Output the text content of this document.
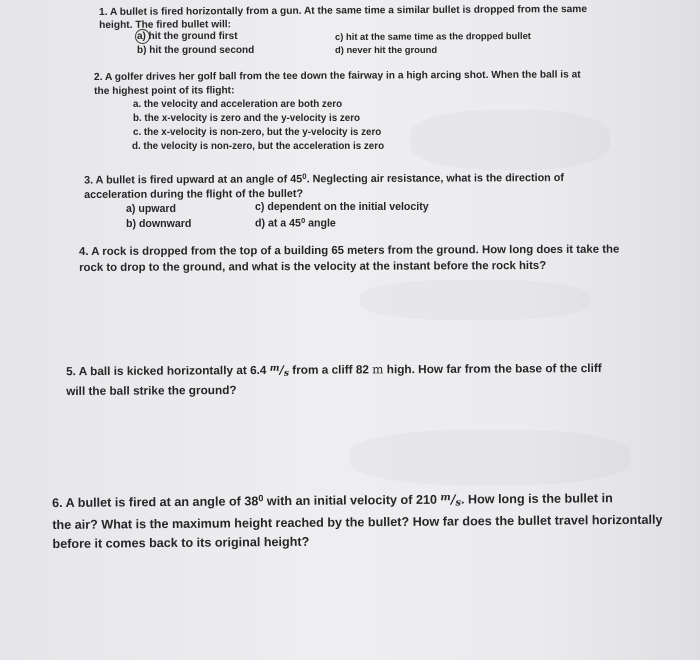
1. A bullet is fired horizontally from a gun. At the same time a similar bullet is dropped from the same
height. The fired bullet will:
a) hit the ground first
b) hit the ground second
c) hit at the same time as the dropped bullet
d) never hit the ground
2. A golfer drives her golf ball from the tee down the fairway in a high arcing shot. When the ball is at
the highest point of its flight:
a. the velocity and acceleration are both zero
b. the x-velocity is zero and the y-velocity is zero
c. the x-velocity is non-zero, but the y-velocity is zero
d. the velocity is non-zero, but the acceleration is zero
3. A bullet is fired upward at an angle of $45^0$. Neglecting air resistance, what is the direction of
acceleration during the flight of the bullet?
a) upward
b) downward
c) dependent on the initial velocity
d) at a $45^0$ angle
4. A rock is dropped from the top of a building 65 meters from the ground. How long does it take the
rock to drop to the ground, and what is the velocity at the instant before the rock hits?
5. A ball is kicked horizontally at 6.4 $^m$/s from a cliff 82 m high. How far from the base of the cliff
will the ball strike the ground?
6. A bullet is fired at an angle of $38^0$ with an initial velocity of 210 $^m$/s. How long is the bullet in
the air? What is the maximum height reached by the bullet? How far does the bullet travel horizontally
before it comes back to its original height?
